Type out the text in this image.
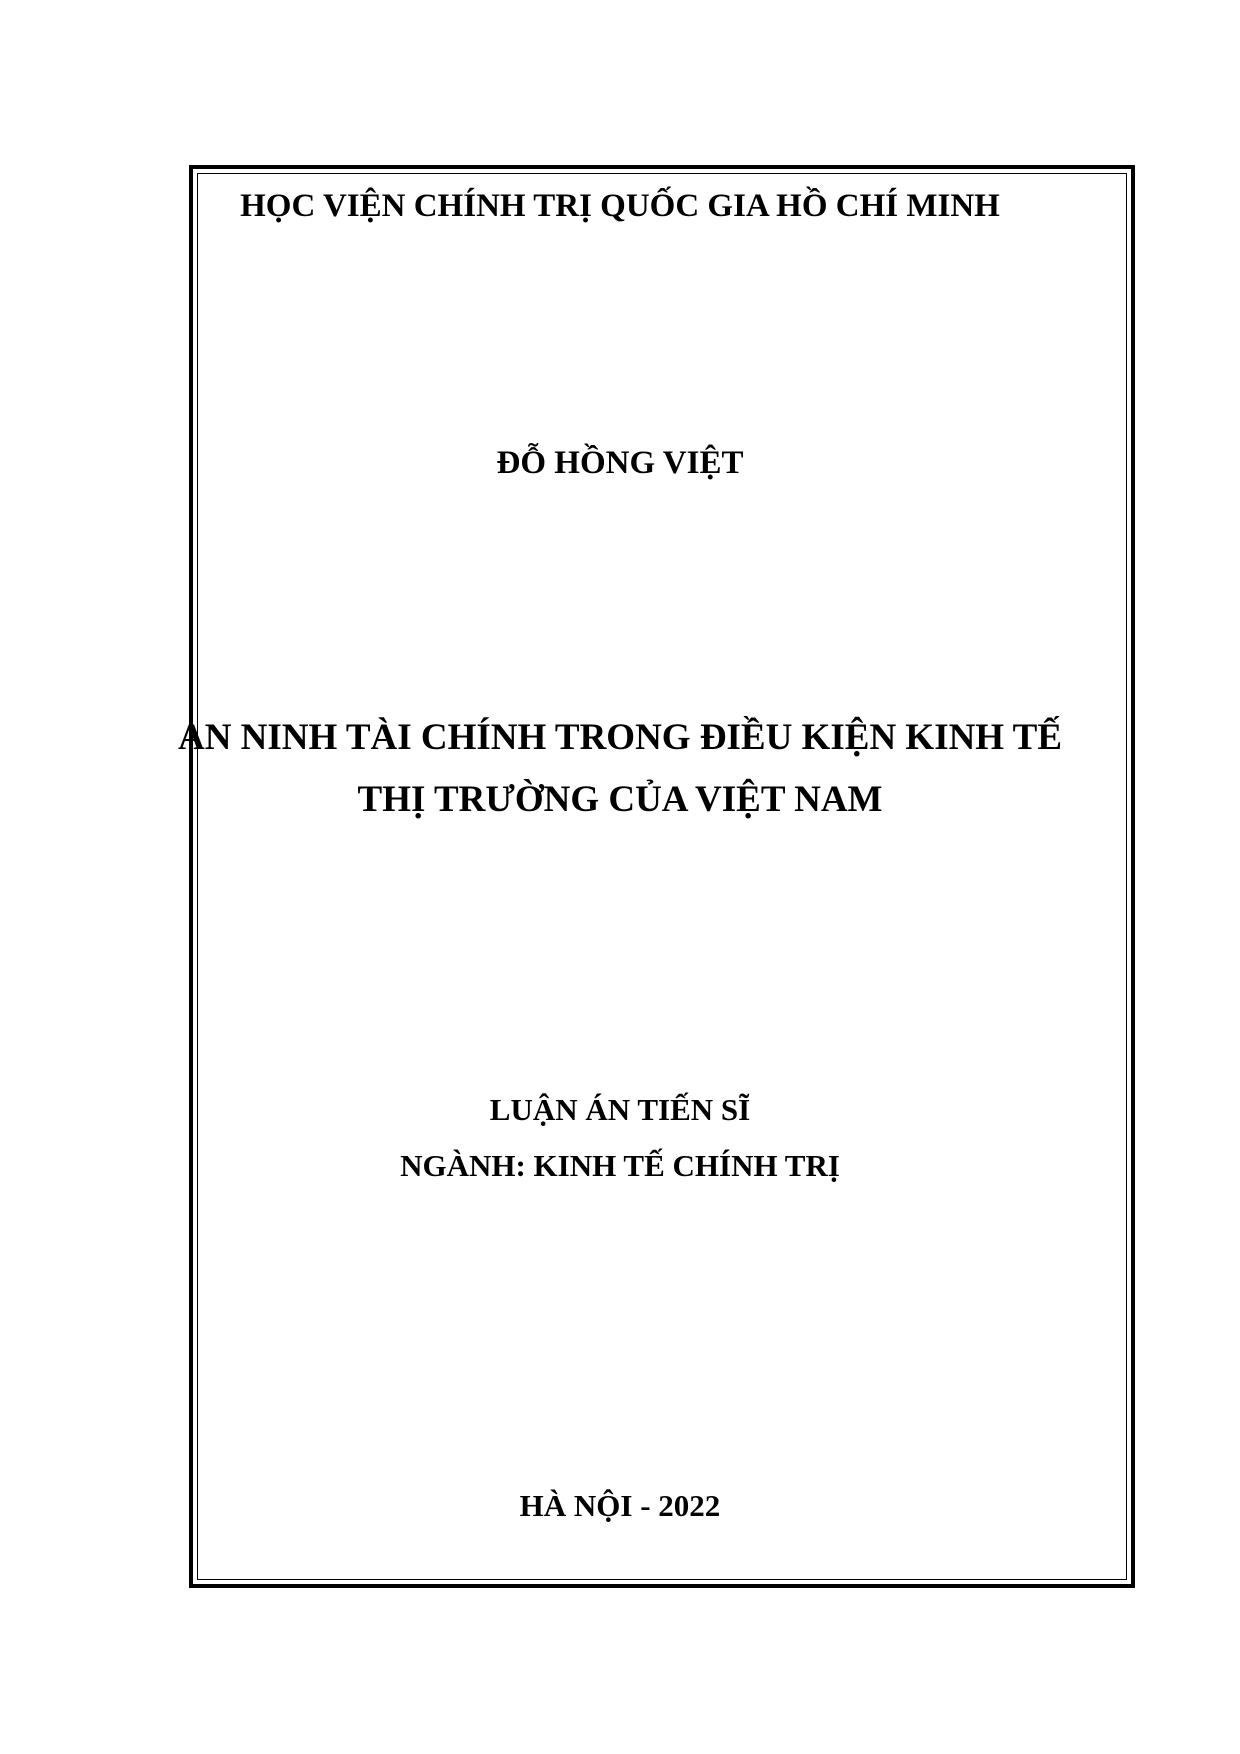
HỌC VIỆN CHÍNH TRỊ QUỐC GIA HỒ CHÍ MINH
ĐỖ HỒNG VIỆT
AN NINH TÀI CHÍNH TRONG ĐIỀU KIỆN KINH TẾ
THỊ TRƯỜNG CỦA VIỆT NAM
LUẬN ÁN TIẾN SĨ
NGÀNH: KINH TẾ CHÍNH TRỊ
HÀ NỘI - 2022
